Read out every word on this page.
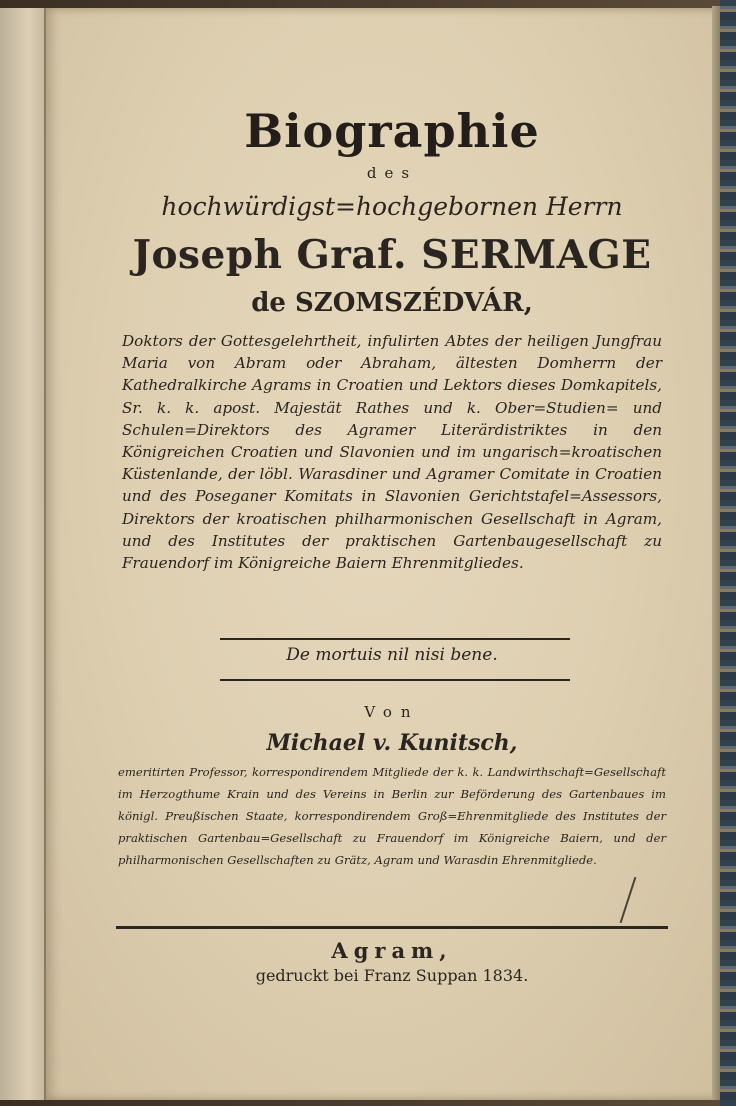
Biographie
des
hochwürdigst=hochgebornen Herrn
Joseph Graf. SERMAGE
de SZOMSZÉDVÁR,
Doktors der Gottesgelehrtheit, infulirten Abtes der heiligen Jungfrau Maria von Abram oder Abraham, ältesten Domherrn der Kathedralkirche Agrams in Croatien und Lektors dieses Domkapitels, Sr. k. k. apost. Majestät Rathes und k. Ober=Studien= und Schulen=Direktors des Agramer Literärdistriktes in den Königreichen Croatien und Slavonien und im ungarisch=kroatischen Küstenlande, der löbl. Warasdiner und Agramer Comitate in Croatien und des Poseganer Komitats in Slavonien Gerichtstafel=Assessors, Direktors der kroatischen philharmonischen Gesellschaft in Agram, und des Institutes der praktischen Gartenbaugesellschaft zu Frauendorf im Königreiche Baiern Ehrenmitgliedes.
De mortuis nil nisi bene.
Von
Michael v. Kunitsch,
emeritirten Professor, korrespondirendem Mitgliede der k. k. Landwirthschaft=Gesellschaft im Herzogthume Krain und des Vereins in Berlin zur Beförderung des Gartenbaues im königl. Preußischen Staate, korrespondirendem Groß=Ehrenmitgliede des Institutes der praktischen Gartenbau=Gesellschaft zu Frauendorf im Königreiche Baiern, und der philharmonischen Gesellschaften zu Grätz, Agram und Warasdin Ehrenmitgliede.
Agram,
gedruckt bei Franz Suppan 1834.
